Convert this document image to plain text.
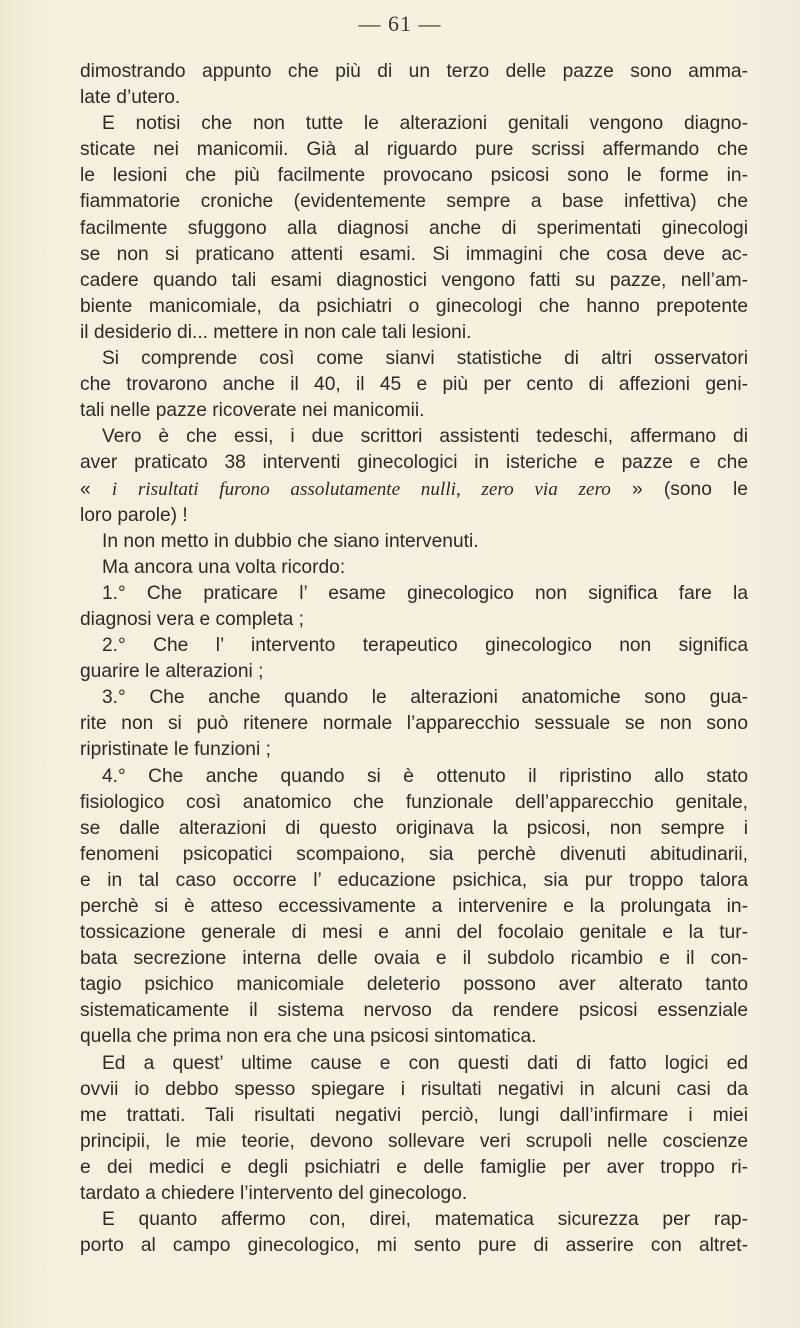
— 61 —
dimostrando appunto che più di un terzo delle pazze sono amma-
late d’utero.
E notisi che non tutte le alterazioni genitali vengono diagno-
sticate nei manicomii. Già al riguardo pure scrissi affermando che
le lesioni che più facilmente provocano psicosi sono le forme in-
fiammatorie croniche (evidentemente sempre a base infettiva) che
facilmente sfuggono alla diagnosi anche di sperimentati ginecologi
se non si praticano attenti esami. Si immagini che cosa deve ac-
cadere quando tali esami diagnostici vengono fatti su pazze, nell’am-
biente manicomiale, da psichiatri o ginecologi che hanno prepotente
il desiderio di... mettere in non cale tali lesioni.
Si comprende così come sianvi statistiche di altri osservatori
che trovarono anche il 40, il 45 e più per cento di affezioni geni-
tali nelle pazze ricoverate nei manicomii.
Vero è che essi, i due scrittori assistenti tedeschi, affermano di
aver praticato 38 interventi ginecologici in isteriche e pazze e che
« i risultati furono assolutamente nulli, zero via zero » (sono le
loro parole) !
In non metto in dubbio che siano intervenuti.
Ma ancora una volta ricordo:
1.° Che praticare l’ esame ginecologico non significa fare la
diagnosi vera e completa ;
2.° Che l’ intervento terapeutico ginecologico non significa
guarire le alterazioni ;
3.° Che anche quando le alterazioni anatomiche sono gua-
rite non si può ritenere normale l’apparecchio sessuale se non sono
ripristinate le funzioni ;
4.° Che anche quando si è ottenuto il ripristino allo stato
fisiologico così anatomico che funzionale dell’apparecchio genitale,
se dalle alterazioni di questo originava la psicosi, non sempre i
fenomeni psicopatici scompaiono, sia perchè divenuti abitudinarii,
e in tal caso occorre l’ educazione psichica, sia pur troppo talora
perchè si è atteso eccessivamente a intervenire e la prolungata in-
tossicazione generale di mesi e anni del focolaio genitale e la tur-
bata secrezione interna delle ovaia e il subdolo ricambio e il con-
tagio psichico manicomiale deleterio possono aver alterato tanto
sistematicamente il sistema nervoso da rendere psicosi essenziale
quella che prima non era che una psicosi sintomatica.
Ed a quest’ ultime cause e con questi dati di fatto logici ed
ovvii io debbo spesso spiegare i risultati negativi in alcuni casi da
me trattati. Tali risultati negativi perciò, lungi dall’infirmare i miei
principii, le mie teorie, devono sollevare veri scrupoli nelle coscienze
e dei medici e degli psichiatri e delle famiglie per aver troppo ri-
tardato a chiedere l’intervento del ginecologo.
E quanto affermo con, direi, matematica sicurezza per rap-
porto al campo ginecologico, mi sento pure di asserire con altret-
